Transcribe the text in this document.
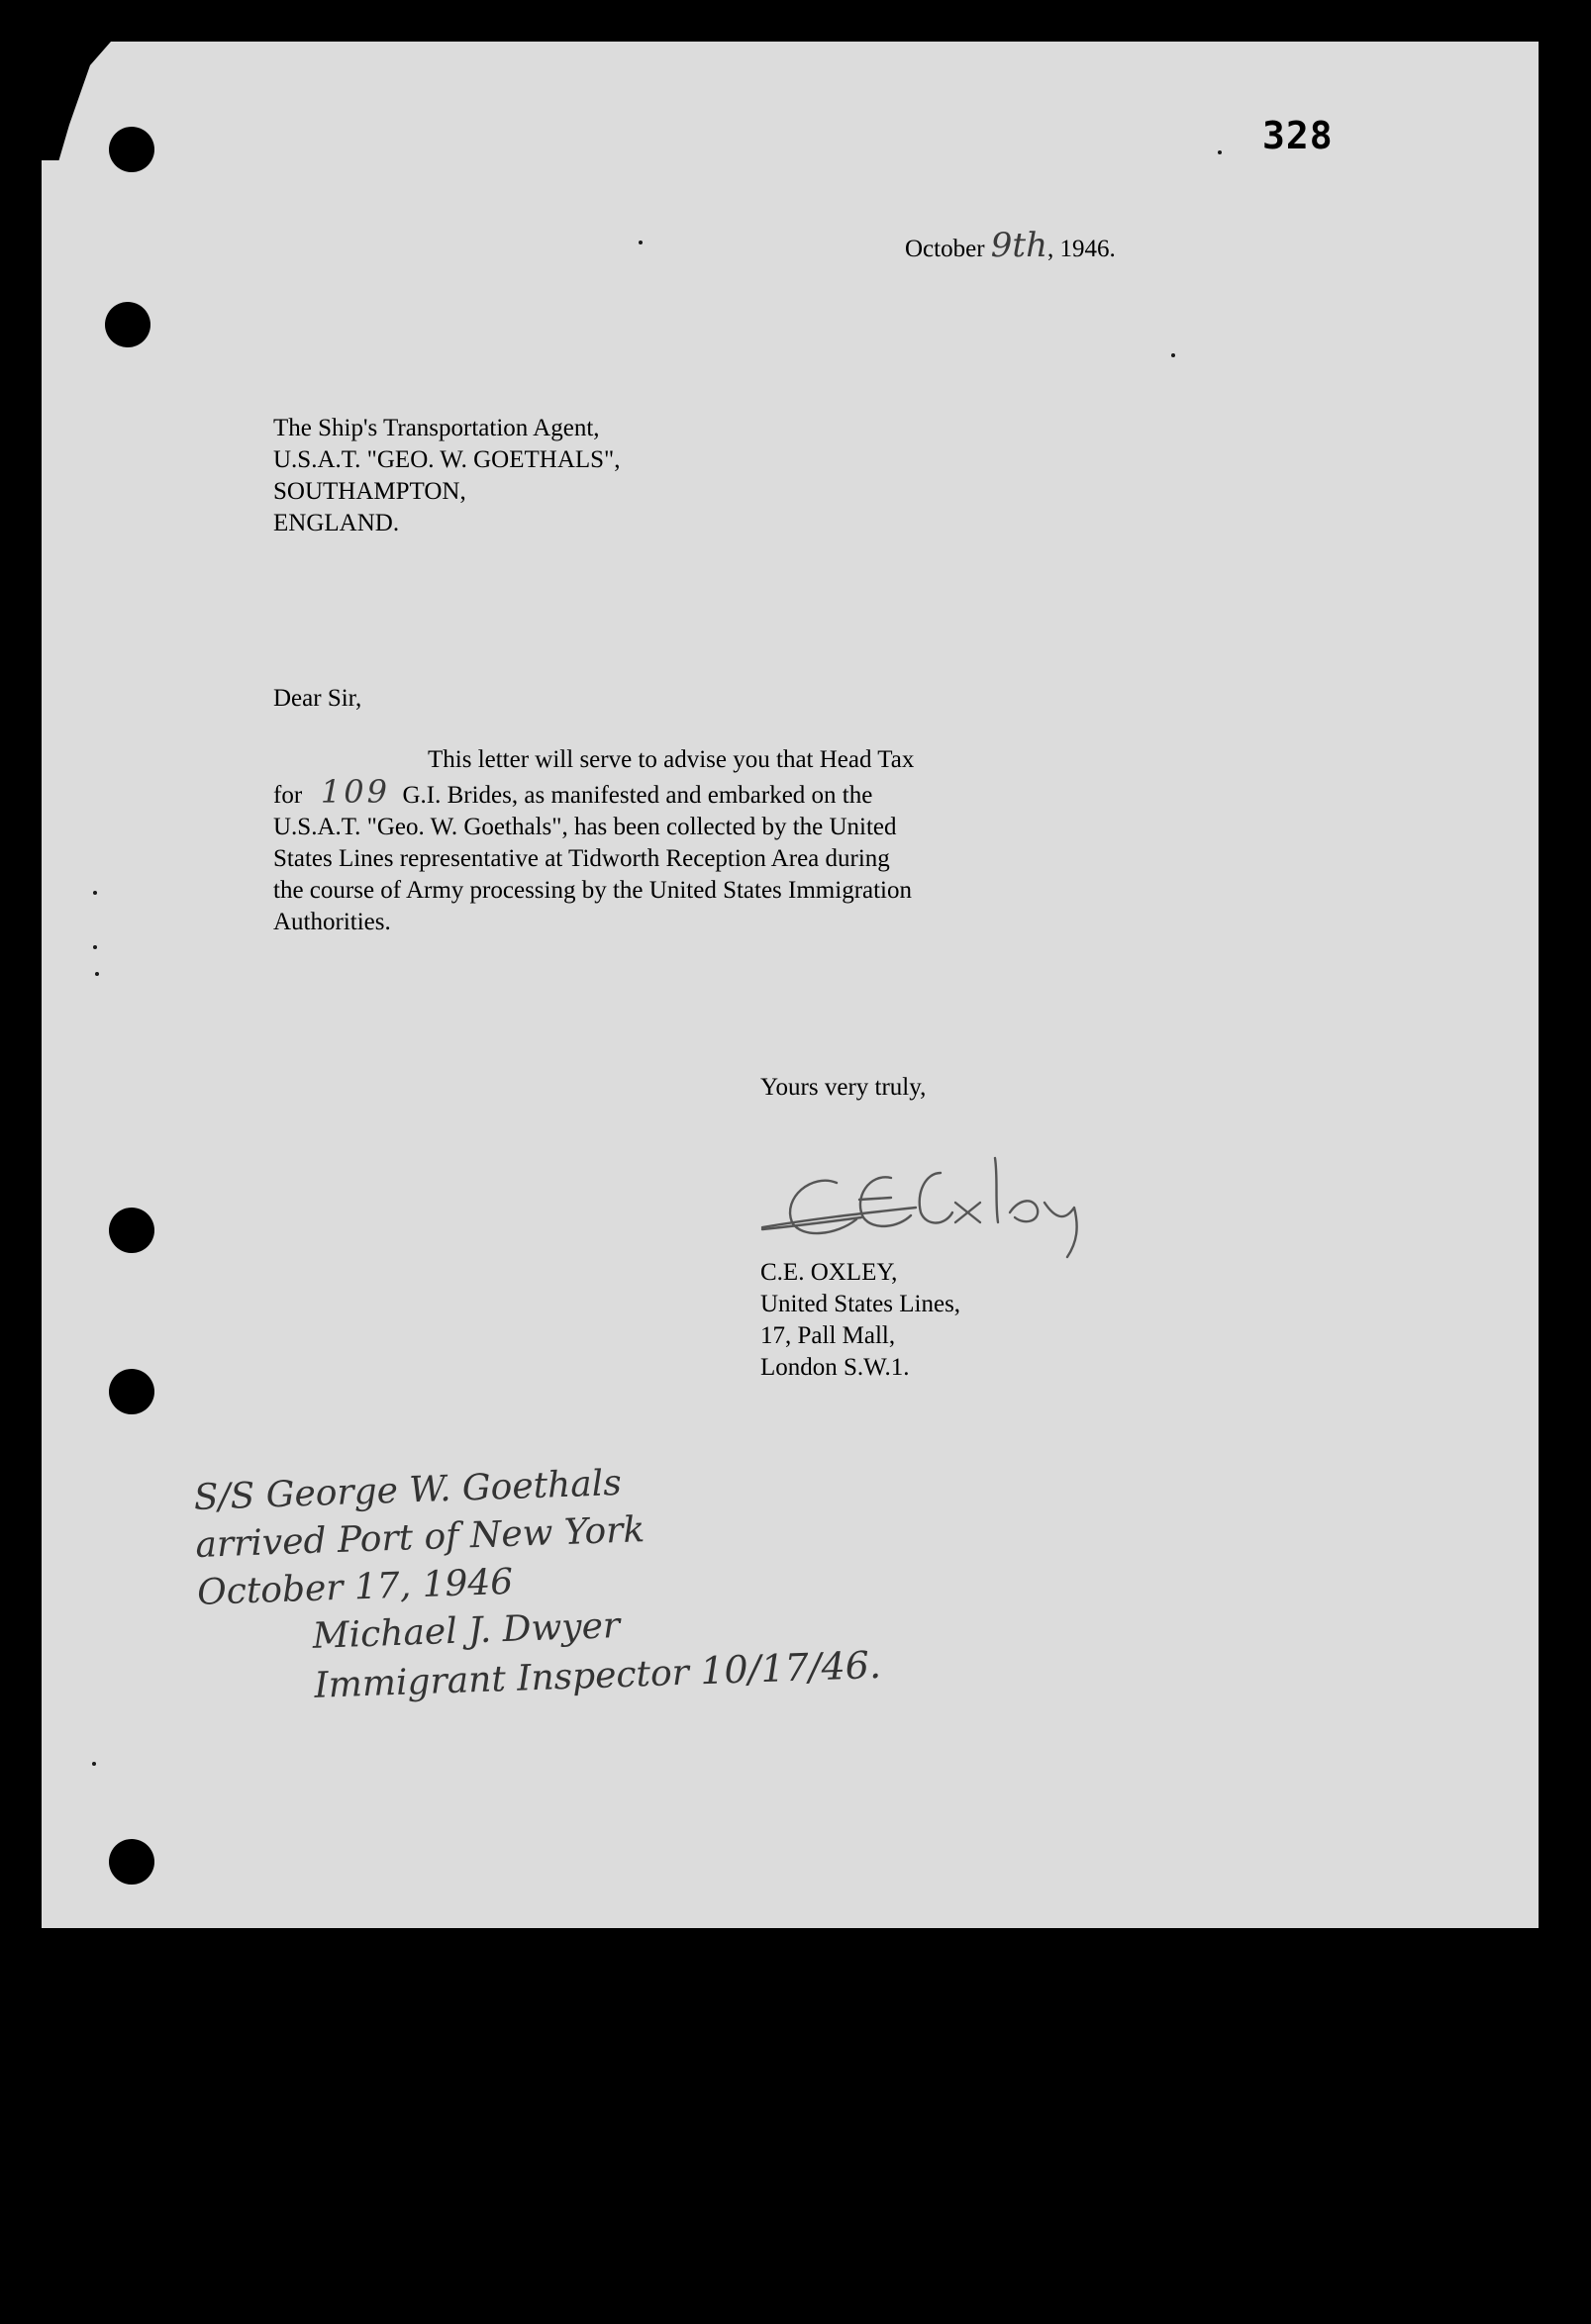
328
October 9th, 1946.
The Ship's Transportation Agent,
U.S.A.T. "GEO. W. GOETHALS",
SOUTHAMPTON,
ENGLAND.
Dear Sir,
This letter will serve to advise you that Head Tax
for 109 G.I. Brides, as manifested and embarked on the
U.S.A.T. "Geo. W. Goethals", has been collected by the United
States Lines representative at Tidworth Reception Area during
the course of Army processing by the United States Immigration
Authorities.
Yours very truly,
C.E. OXLEY,
United States Lines,
17, Pall Mall,
London S.W.1.
S/S George W. Goethals
arrived Port of New York
October 17, 1946
Michael J. Dwyer
Immigrant Inspector 10/17/46.
